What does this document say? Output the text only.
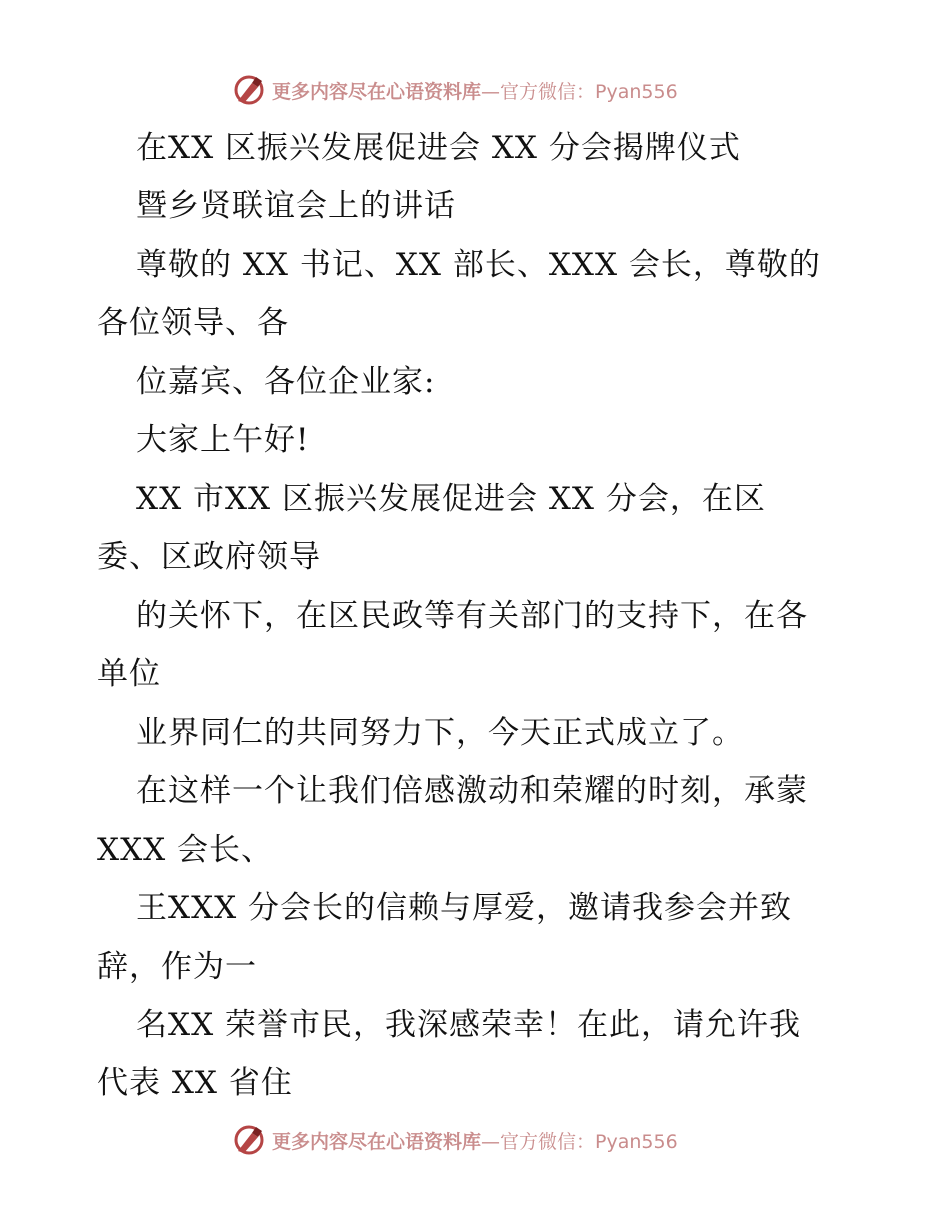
更多内容尽在心语资料库—官方微信：Pyan556
在XX 区振兴发展促进会 XX 分会揭牌仪式
暨乡贤联谊会上的讲话
尊敬的 XX 书记、XX 部长、XXX 会长，尊敬的
各位领导、各
位嘉宾、各位企业家:
大家上午好!
XX 市XX 区振兴发展促进会 XX 分会，在区
委、区政府领导
的关怀下，在区民政等有关部门的支持下，在各
单位
业界同仁的共同努力下，今天正式成立了。
在这样一个让我们倍感激动和荣耀的时刻，承蒙
XXX 会长、
王XXX 分会长的信赖与厚爱，邀请我参会并致
辞，作为一
名XX 荣誉市民，我深感荣幸！在此，请允许我
代表 XX 省住
更多内容尽在心语资料库—官方微信：Pyan556
